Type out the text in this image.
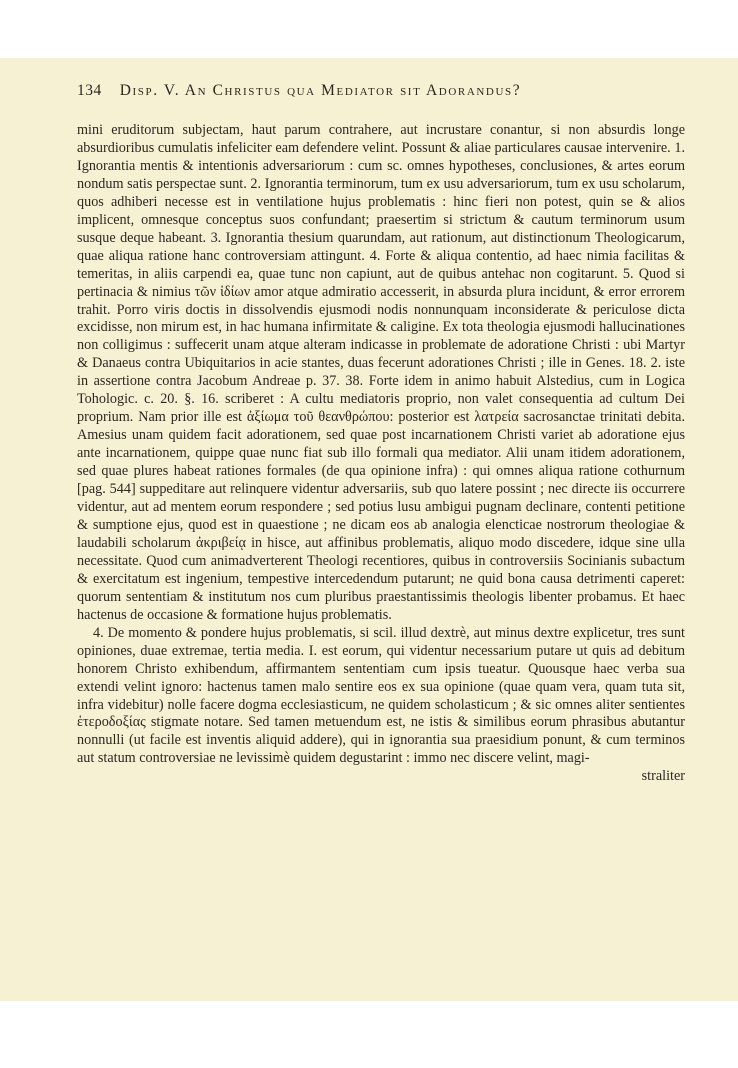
134 Disp. V. An Christus qua Mediator sit Adorandus?

mini eruditorum subjectam, haut parum contrahere, aut incrustare conantur, si non absurdis longe absurdioribus cumulatis infeliciter eam defendere velint. Possunt & aliae particulares causae intervenire. 1. Ignorantia mentis & intentionis adversariorum : cum sc. omnes hypotheses, conclusiones, & artes eorum nondum satis perspectae sunt. 2. Ignorantia terminorum, tum ex usu adversariorum, tum ex usu scholarum, quos adhiberi necesse est in ventilatione hujus problematis : hinc fieri non potest, quin se & alios implicent, omnesque conceptus suos confundant; praesertim si strictum & cautum terminorum usum susque deque habeant. 3. Ignorantia thesium quarundam, aut rationum, aut distinctionum Theologicarum, quae aliqua ratione hanc controversiam attingunt. 4. Forte & aliqua contentio, ad haec nimia facilitas & temeritas, in aliis carpendi ea, quae tunc non capiunt, aut de quibus antehac non cogitarunt. 5. Quod si pertinacia & nimius τῶν ἰδίων amor atque admiratio accesserit, in absurda plura incidunt, & error errorem trahit. Porro viris doctis in dissolvendis ejusmodi nodis nonnunquam inconsiderate & periculose dicta excidisse, non mirum est, in hac humana infirmitate & caligine. Ex tota theologia ejusmodi hallucinationes non colligimus : suffecerit unam atque alteram indicasse in problemate de adoratione Christi : ubi Martyr & Danaeus contra Ubiquitarios in acie stantes, duas fecerunt adorationes Christi ; ille in Genes. 18. 2. iste in assertione contra Jacobum Andreae p. 37. 38. Forte idem in animo habuit Alstedius, cum in Logica Tohologic. c. 20. §. 16. scriberet : A cultu mediatoris proprio, non valet consequentia ad cultum Dei proprium. Nam prior ille est ἀξίωμα τοῦ θεανθρώπου: posterior est λατρεία sacrosanctae trinitati debita. Amesius unam quidem facit adorationem, sed quae post incarnationem Christi variet ab adoratione ejus ante incarnationem, quippe quae nunc fiat sub illo formali qua mediator. Alii unam itidem adorationem, sed quae plures habeat rationes formales (de qua opinione infra) : qui omnes aliqua ratione cothurnum [pag. 544] suppeditare aut relinquere videntur adversariis, sub quo latere possint ; nec directe iis occurrere videntur, aut ad mentem eorum respondere ; sed potius lusu ambigui pugnam declinare, contenti petitione & sumptione ejus, quod est in quaestione ; ne dicam eos ab analogia elencticae nostrorum theologiae & laudabili scholarum ἀκριβείᾳ in hisce, aut affinibus problematis, aliquo modo discedere, idque sine ulla necessitate. Quod cum animadverterent Theologi recentiores, quibus in controversiis Socinianis subactum & exercitatum est ingenium, tempestive intercedendum putarunt; ne quid bona causa detrimenti caperet: quorum sententiam & institutum nos cum pluribus praestantissimis theologis libenter probamus. Et haec hactenus de occasione & formatione hujus problematis.

4. De momento & pondere hujus problematis, si scil. illud dextrè, aut minus dextre explicetur, tres sunt opiniones, duae extremae, tertia media. I. est eorum, qui videntur necessarium putare ut quis ad debitum honorem Christo exhibendum, affirmantem sententiam cum ipsis tueatur. Quousque haec verba sua extendi velint ignoro: hactenus tamen malo sentire eos ex sua opinione (quae quam vera, quam tuta sit, infra videbitur) nolle facere dogma ecclesiasticum, ne quidem scholasticum ; & sic omnes aliter sentientes ἑτεροδοξίας stigmate notare. Sed tamen metuendum est, ne istis & similibus eorum phrasibus abutantur nonnulli (ut facile est inventis aliquid addere), qui in ignorantia sua praesidium ponunt, & cum terminos aut statum controversiae ne levissimè quidem degustarint : immo nec discere velint, magi-

straliter
